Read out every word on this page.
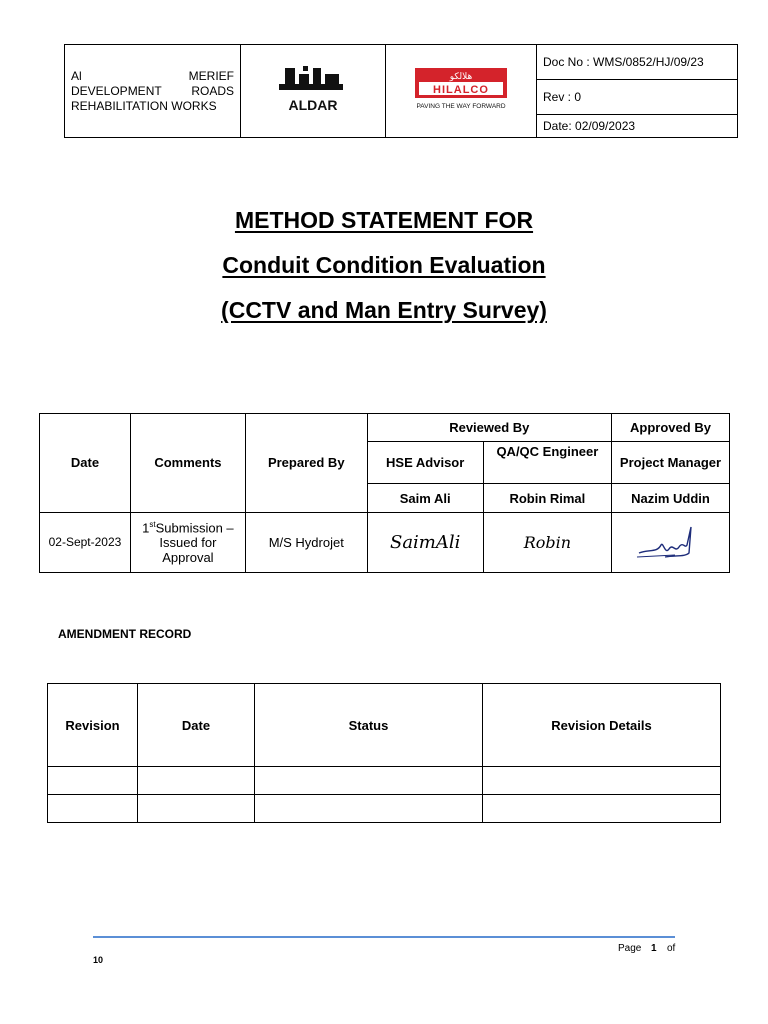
Al	MERIEF
DEVELOPMENT ROADS
REHABILITATION WORKS	ALDAR

هلالكو
HILALCO
PAVING THE WAY FORWARD
	Doc No : WMS/0852/HJ/09/23
Rev : 0
Date: 02/09/2023
METHOD STATEMENT FOR
Conduit Condition Evaluation
(CCTV and Man Entry Survey)
Date	Comments	Prepared By	Reviewed By		Approved By
			HSE Advisor	QA/QC Engineer	Project Manager
			Saim Ali	Robin Rimal	Nazim Uddin
02-Sept-2023	1stSubmission – Issued for Approval	M/S Hydrojet	SaimAli	Robin	
AMENDMENT RECORD
Revision	Date	Status	Revision Details

Page 1 of
10
